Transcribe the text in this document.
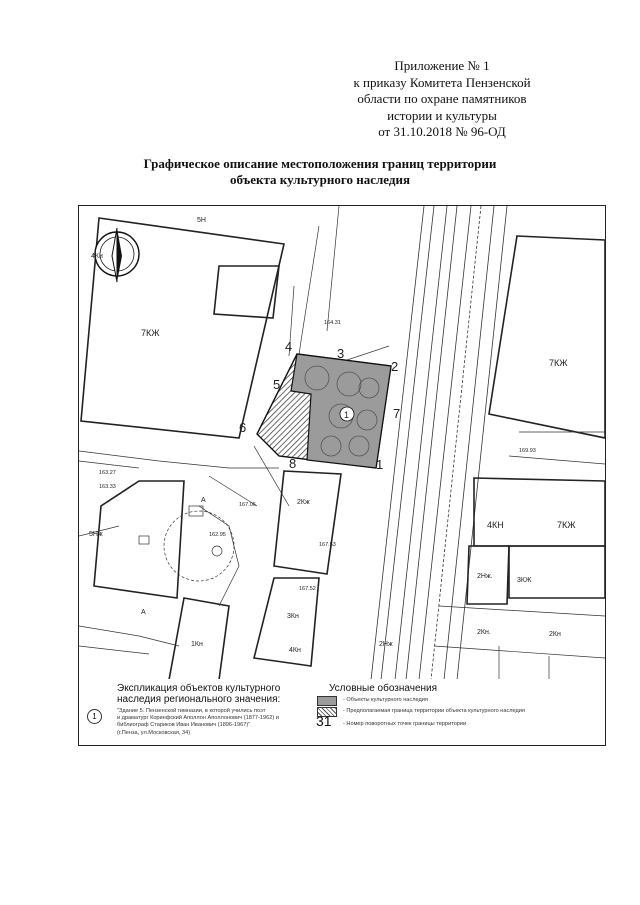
Приложение № 1
к приказу Комитета Пензенской
области по охране памятников
истории и культуры
от 31.10.2018 № 96-ОД
Графическое описание местоположения границ территории
объекта культурного наследия
1
2
3
4
5
6
7
8
1
7КЖ
7КЖ
7КЖ
4КН
2Нж.
3КЖ
2Кн.
2Кж
5Н
4Кн
А
А
5Нж
3Кн
4Кн
2Кн
1Кн	2Нж
164.31
163.27
167.53
163.33
167.52
169.93
162.95
167.06
Экспликация объектов культурного
наследия регионального значения:
1
"Здание 5. Пензенской гимназии, в которой учились поэт
и драматург Коринфский Аполлон Аполлонович (1877-1962) и
библиограф Стариков Иван Иванович (1896-1967)"
(г.Пенза, ул.Московская, 34)
Условные обозначения
- Объекты культурного наследия
- Предполагаемая граница территории объекта культурного наследия
31 - Номер поворотных точек границы территории
